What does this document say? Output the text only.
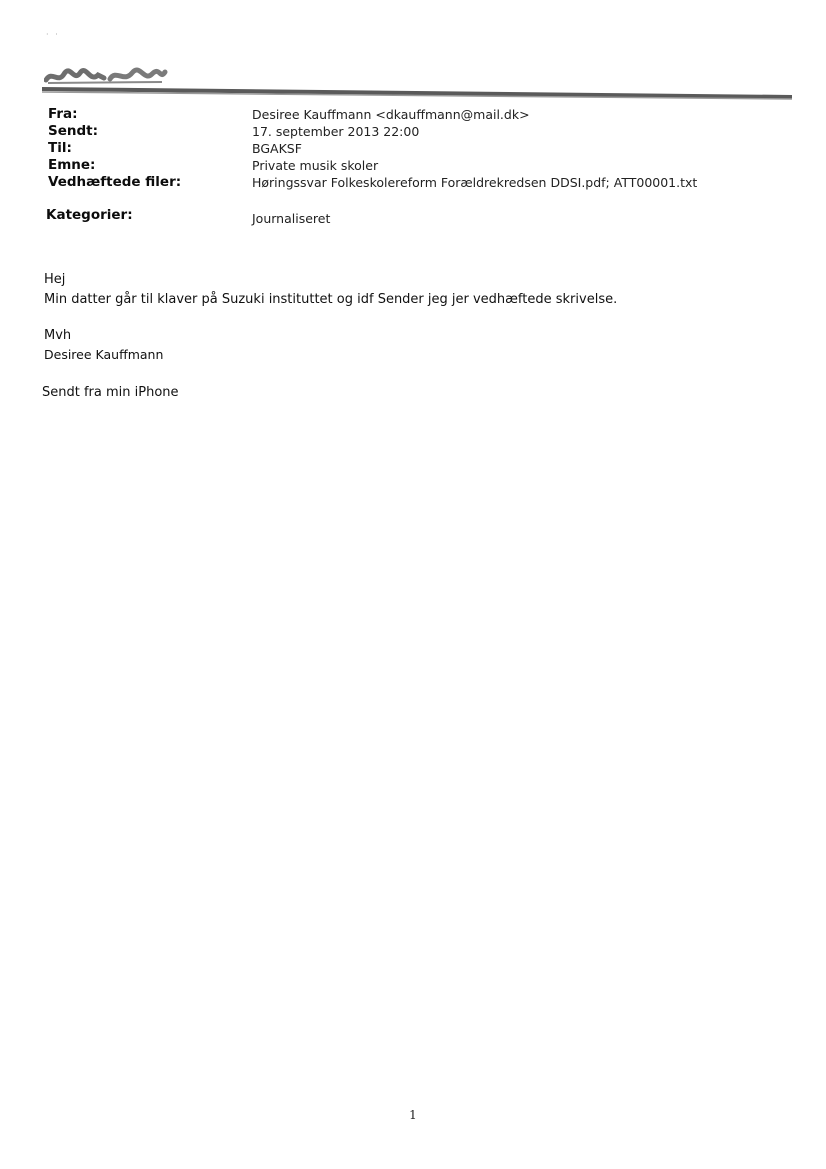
· ·
Fra:	Desiree Kauffmann <dkauffmann@mail.dk>
Sendt:	17. september 2013 22:00
Til:	BGAKSF
Emne:	Private musik skoler
Vedhæftede filer:	Høringssvar Folkeskolereform Forældrekredsen DDSI.pdf; ATT00001.txt
Kategorier:	Journaliseret
Hej
Min datter går til klaver på Suzuki instituttet og idf Sender jeg jer vedhæftede skrivelse.
Mvh
Desiree Kauffmann
Sendt fra min iPhone
1
